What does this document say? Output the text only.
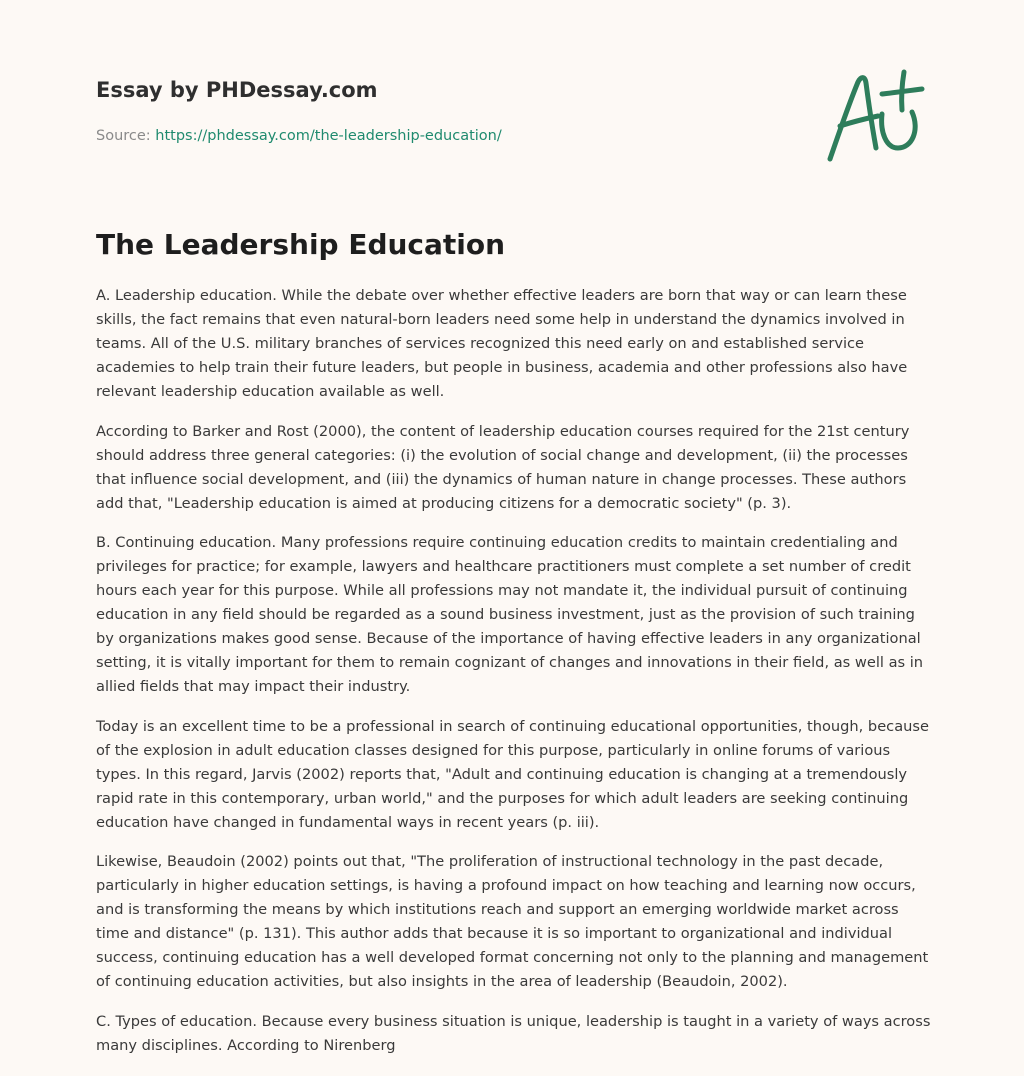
Essay by PHDessay.com
Source: https://phdessay.com/the-leadership-education/
The Leadership Education

A. Leadership education. While the debate over whether effective leaders are born that way or can learn these skills, the fact remains that even natural-born leaders need some help in understand the dynamics involved in teams. All of the U.S. military branches of services recognized this need early on and established service academies to help train their future leaders, but people in business, academia and other professions also have relevant leadership education available as well.

According to Barker and Rost (2000), the content of leadership education courses required for the 21st century should address three general categories: (i) the evolution of social change and development, (ii) the processes that influence social development, and (iii) the dynamics of human nature in change processes. These authors add that, "Leadership education is aimed at producing citizens for a democratic society" (p. 3).

B. Continuing education. Many professions require continuing education credits to maintain credentialing and privileges for practice; for example, lawyers and healthcare practitioners must complete a set number of credit hours each year for this purpose. While all professions may not mandate it, the individual pursuit of continuing education in any field should be regarded as a sound business investment, just as the provision of such training by organizations makes good sense. Because of the importance of having effective leaders in any organizational setting, it is vitally important for them to remain cognizant of changes and innovations in their field, as well as in allied fields that may impact their industry.

Today is an excellent time to be a professional in search of continuing educational opportunities, though, because of the explosion in adult education classes designed for this purpose, particularly in online forums of various types. In this regard, Jarvis (2002) reports that, "Adult and continuing education is changing at a tremendously rapid rate in this contemporary, urban world," and the purposes for which adult leaders are seeking continuing education have changed in fundamental ways in recent years (p. iii).

Likewise, Beaudoin (2002) points out that, "The proliferation of instructional technology in the past decade, particularly in higher education settings, is having a profound impact on how teaching and learning now occurs, and is transforming the means by which institutions reach and support an emerging worldwide market across time and distance" (p. 131). This author adds that because it is so important to organizational and individual success, continuing education has a well developed format concerning not only to the planning and management of continuing education activities, but also insights in the area of leadership (Beaudoin, 2002).

C. Types of education. Because every business situation is unique, leadership is taught in a variety of ways across many disciplines. According to Nirenberg
